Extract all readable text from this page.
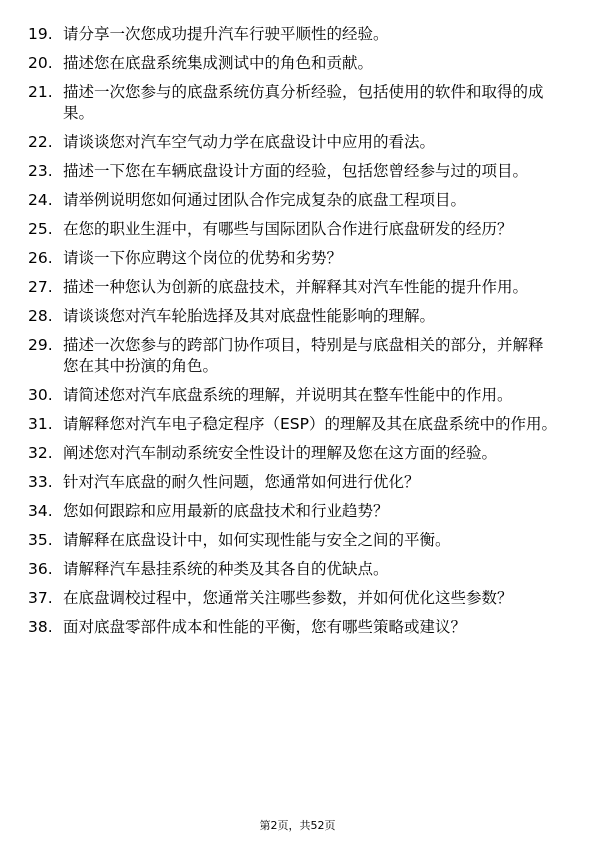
19. 请分享一次您成功提升汽车行驶平顺性的经验。
20. 描述您在底盘系统集成测试中的角色和贡献。
21. 描述一次您参与的底盘系统仿真分析经验，包括使用的软件和取得的成果。
22. 请谈谈您对汽车空气动力学在底盘设计中应用的看法。
23. 描述一下您在车辆底盘设计方面的经验，包括您曾经参与过的项目。
24. 请举例说明您如何通过团队合作完成复杂的底盘工程项目。
25. 在您的职业生涯中，有哪些与国际团队合作进行底盘研发的经历？
26. 请谈一下你应聘这个岗位的优势和劣势？
27. 描述一种您认为创新的底盘技术，并解释其对汽车性能的提升作用。
28. 请谈谈您对汽车轮胎选择及其对底盘性能影响的理解。
29. 描述一次您参与的跨部门协作项目，特别是与底盘相关的部分，并解释您在其中扮演的角色。
30. 请简述您对汽车底盘系统的理解，并说明其在整车性能中的作用。
31. 请解释您对汽车电子稳定程序（ESP）的理解及其在底盘系统中的作用。
32. 阐述您对汽车制动系统安全性设计的理解及您在这方面的经验。
33. 针对汽车底盘的耐久性问题，您通常如何进行优化？
34. 您如何跟踪和应用最新的底盘技术和行业趋势？
35. 请解释在底盘设计中，如何实现性能与安全之间的平衡。
36. 请解释汽车悬挂系统的种类及其各自的优缺点。
37. 在底盘调校过程中，您通常关注哪些参数，并如何优化这些参数？
38. 面对底盘零部件成本和性能的平衡，您有哪些策略或建议？
第2页，共52页
